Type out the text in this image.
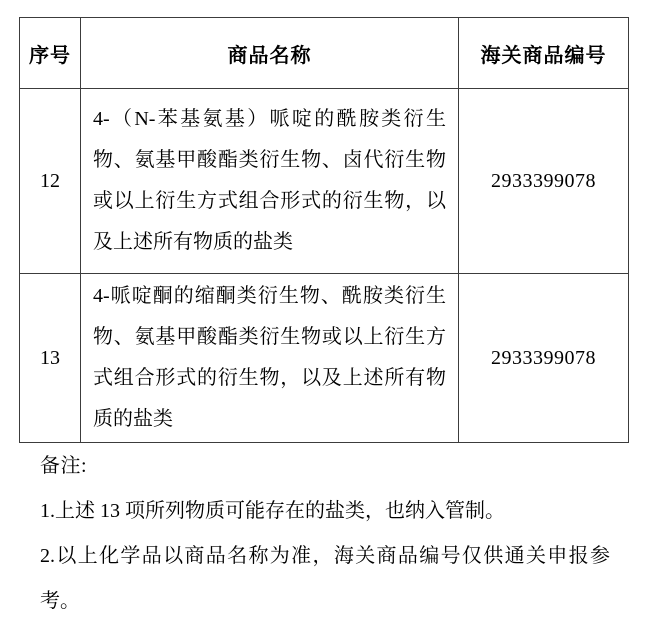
序号	商品名称	海关商品编号
12	4-（N-苯基氨基）哌啶的酰胺类衍生物、氨基甲酸酯类衍生物、卤代衍生物或以上衍生方式组合形式的衍生物，以及上述所有物质的盐类	2933399078
13	4-哌啶酮的缩酮类衍生物、酰胺类衍生物、氨基甲酸酯类衍生物或以上衍生方式组合形式的衍生物，以及上述所有物质的盐类	2933399078
备注:
1.上述 13 项所列物质可能存在的盐类，也纳入管制。
2.以上化学品以商品名称为准，海关商品编号仅供通关申报参考。
